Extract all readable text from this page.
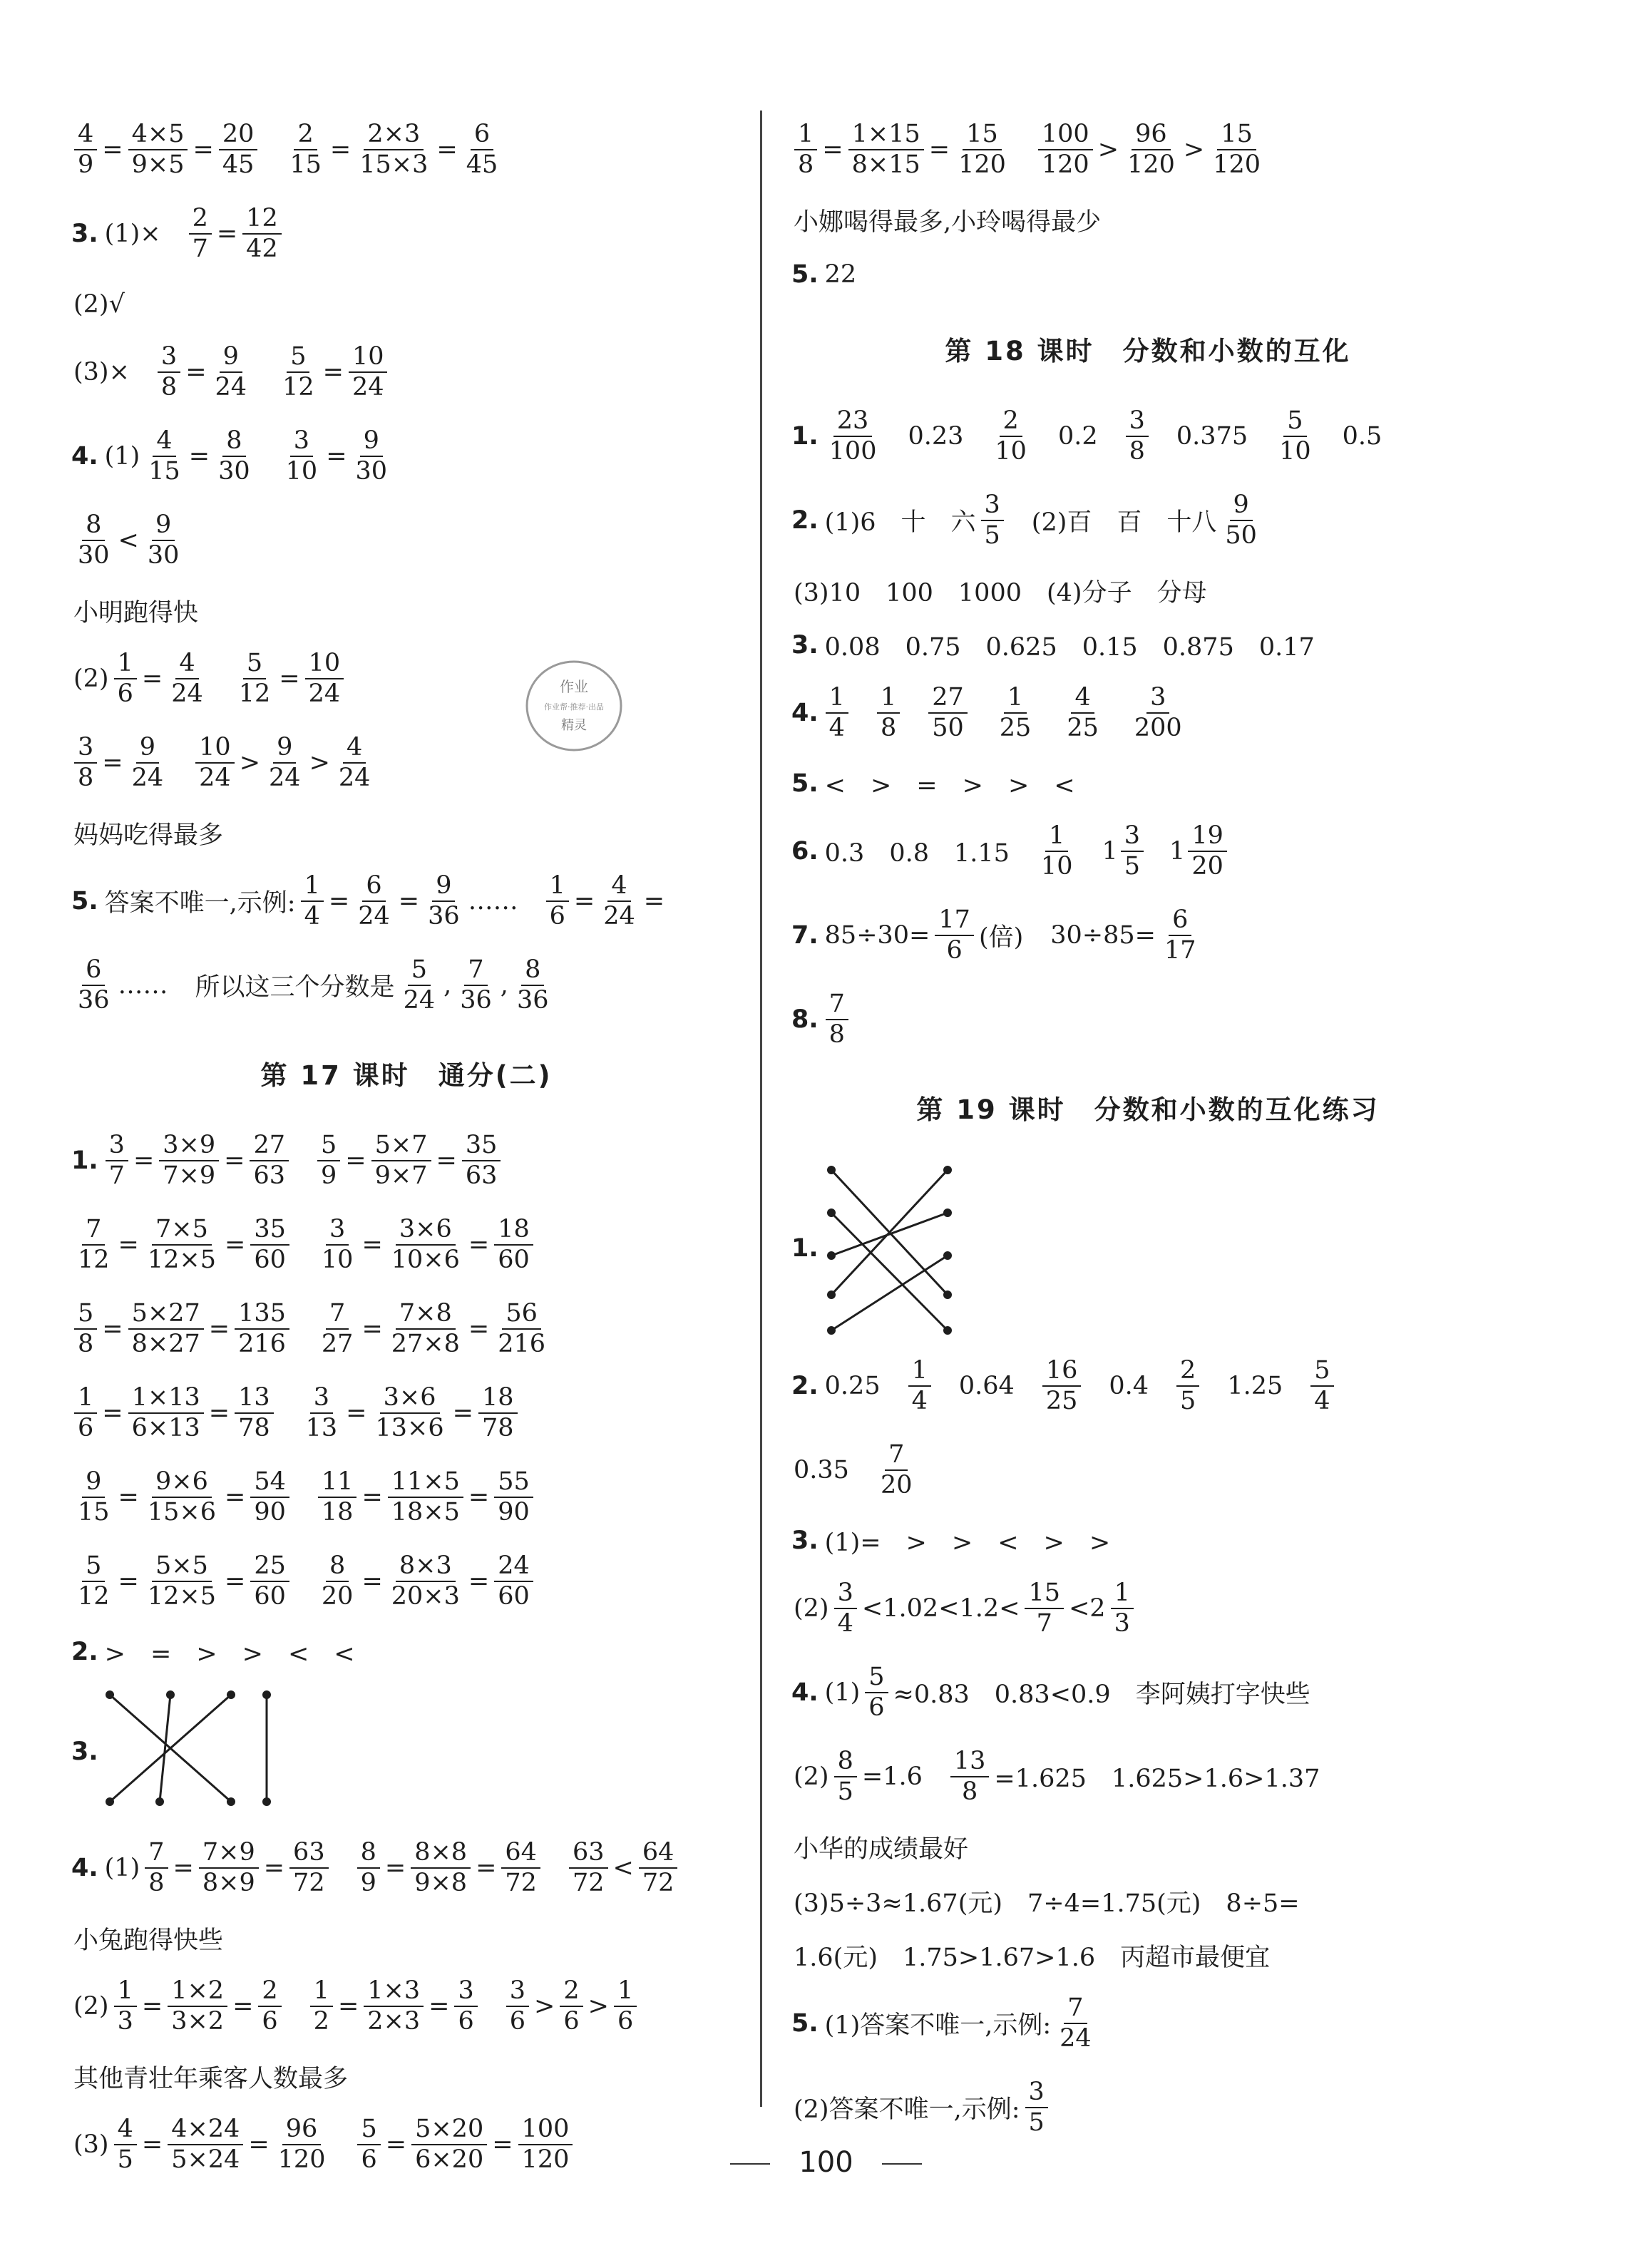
$\frac{4}{9} = \frac{4\times 5}{9\times 5} = \frac{20}{45} \frac{2}{15} = \frac{2\times 3}{15\times 3} = \frac{6}{45}$
3. $(1)\times \frac{2}{7} = \frac{12}{42}$
(2)√
$(3)\times \frac{3}{8} = \frac{9}{24} \frac{5}{12} = \frac{10}{24}$
4. $(1) \frac{4}{15} = \frac{8}{30} \frac{3}{10} = \frac{9}{30}$
$\frac{8}{30} < \frac{9}{30}$
小明跑得快
$(2) \frac{1}{6} = \frac{4}{24} \frac{5}{12} = \frac{10}{24}$
$\frac{3}{8} = \frac{9}{24} \frac{10}{24} > \frac{9}{24} > \frac{4}{24}$
妈妈吃得最多
5. 答案不唯一,示例: $\frac{1}{4} = \frac{6}{24} = \frac{9}{36}$ …… $\frac{1}{6} = \frac{4}{24}$ =
$\frac{6}{36}$ …… 所以这三个分数是 $\frac{5}{24}$ , $\frac{7}{36}$ , $\frac{8}{36}$
第 17 课时　通分(二)
1. $\frac{3}{7} = \frac{3\times 9}{7\times 9} = \frac{27}{63} \frac{5}{9} = \frac{5\times 7}{9\times 7} = \frac{35}{63}$
$\frac{7}{12} = \frac{7\times 5}{12\times 5} = \frac{35}{60} \frac{3}{10} = \frac{3\times 6}{10\times 6} = \frac{18}{60}$
$\frac{5}{8} = \frac{5\times 27}{8\times 27} = \frac{135}{216} \frac{7}{27} = \frac{7\times 8}{27\times 8} = \frac{56}{216}$
$\frac{1}{6} = \frac{1\times 13}{6\times 13} = \frac{13}{78} \frac{3}{13} = \frac{3\times 6}{13\times 6} = \frac{18}{78}$
$\frac{9}{15} = \frac{9\times 6}{15\times 6} = \frac{54}{90} \frac{11}{18} = \frac{11\times 5}{18\times 5} = \frac{55}{90}$
$\frac{5}{12} = \frac{5\times 5}{12\times 5} = \frac{25}{60} \frac{8}{20} = \frac{8\times 3}{20\times 3} = \frac{24}{60}$
2. >　=　>　>　<　<
3.
4. $(1) \frac{7}{8} = \frac{7\times 9}{8\times 9} = \frac{63}{72} \frac{8}{9} = \frac{8\times 8}{9\times 8} = \frac{64}{72} \frac{63}{72} < \frac{64}{72}$
小兔跑得快些
$(2) \frac{1}{3} = \frac{1\times 2}{3\times 2} = \frac{2}{6} \frac{1}{2} = \frac{1\times 3}{2\times 3} = \frac{3}{6} \frac{3}{6} > \frac{2}{6} > \frac{1}{6}$
其他青壮年乘客人数最多
$(3) \frac{4}{5} = \frac{4\times 24}{5\times 24} = \frac{96}{120} \frac{5}{6} = \frac{5\times 20}{6\times 20} = \frac{100}{120}$
$\frac{1}{8} = \frac{1\times 15}{8\times 15} = \frac{15}{120} \frac{100}{120} > \frac{96}{120} > \frac{15}{120}$
小娜喝得最多,小玲喝得最少
5. 22
第 18 课时　分数和小数的互化
1. $\frac{23}{100} 0.23 \frac{2}{10} 0.2 \frac{3}{8} 0.375 \frac{5}{10} 0.5$
2. (1)6　十　六 $\frac{3}{5} (2)$百　百　十八 $\frac{9}{50}$
(3)10　100　1000　(4)分子　分母
3. 0.08　0.75　0.625　0.15　0.875　0.17
4. $\frac{1}{4} \frac{1}{8} \frac{27}{50} \frac{1}{25} \frac{4}{25} \frac{3}{200}$
5. <　>　=　>　>　<
6. 0.3　0.8　$1.15 \frac{1}{10} 1 \frac{3}{5} 1 \frac{19}{20}$
7. $85\div 30= \frac{17}{6}$ (倍) $30\div 85= \frac{6}{17}$
8. $\frac{7}{8}$
第 19 课时　分数和小数的互化练习
1.
2. $0.25 \frac{1}{4} 0.64 \frac{16}{25} 0.4 \frac{2}{5} 1.25 \frac{5}{4}$
$0.35 \frac{7}{20}$
3. (1)=　>　>　<　>　>
$(2) \frac{3}{4} <1.02<1.2< \frac{15}{7} <2 \frac{1}{3}$
4. $(1) \frac{5}{6} \approx 0.83$　0.83<0.9　李阿姨打字快些
$(2) \frac{8}{5} =1.6 \frac{13}{8} =1.625$　1.625>1.6>1.37
小华的成绩最好
(3)5÷3≈1.67(元)　7÷4=1.75(元)　8÷5=
1.6(元)　1.75>1.67>1.6　丙超市最便宜
5. (1)答案不唯一,示例: $\frac{7}{24}$
(2)答案不唯一,示例: $\frac{3}{5}$
作业
作业帮·推荐·出品
精灵
100
